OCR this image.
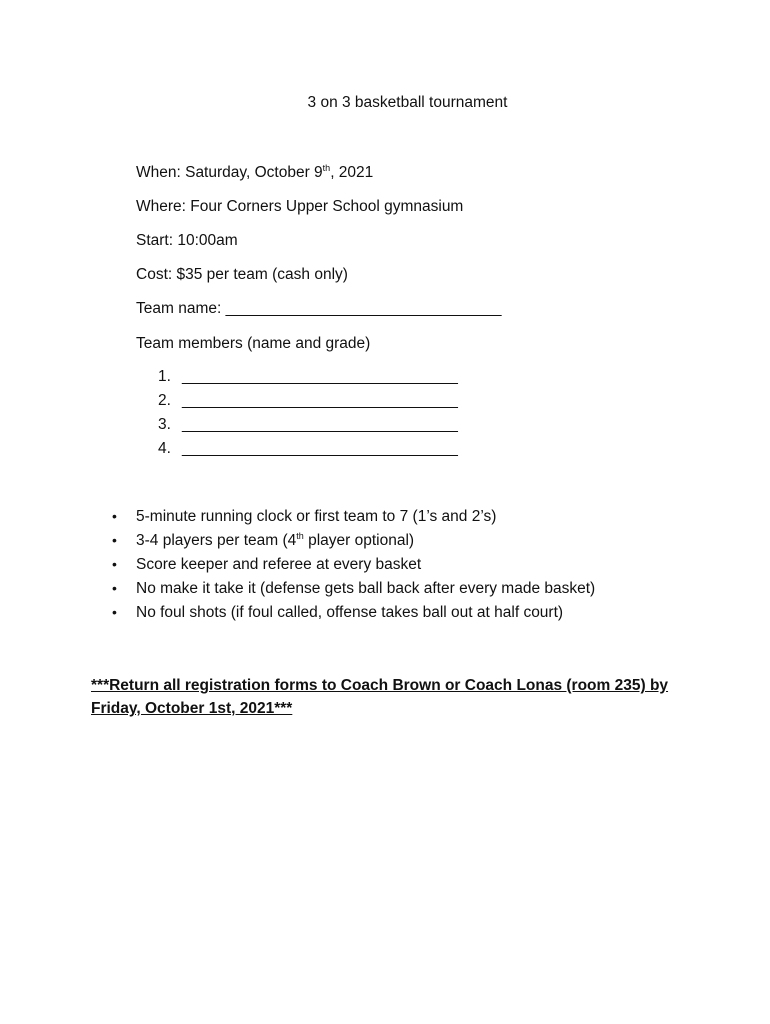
3 on 3 basketball tournament
When: Saturday, October 9th, 2021
Where: Four Corners Upper School gymnasium
Start: 10:00am
Cost: $35 per team (cash only)
Team name: ________________________________
Team members (name and grade)
1. ________________________________
2. ________________________________
3. ________________________________
4. ________________________________
• 5-minute running clock or first team to 7 (1’s and 2’s)
• 3-4 players per team (4th player optional)
• Score keeper and referee at every basket
• No make it take it (defense gets ball back after every made basket)
• No foul shots (if foul called, offense takes ball out at half court)
***Return all registration forms to Coach Brown or Coach Lonas (room 235) by Friday, October 1st, 2021***
